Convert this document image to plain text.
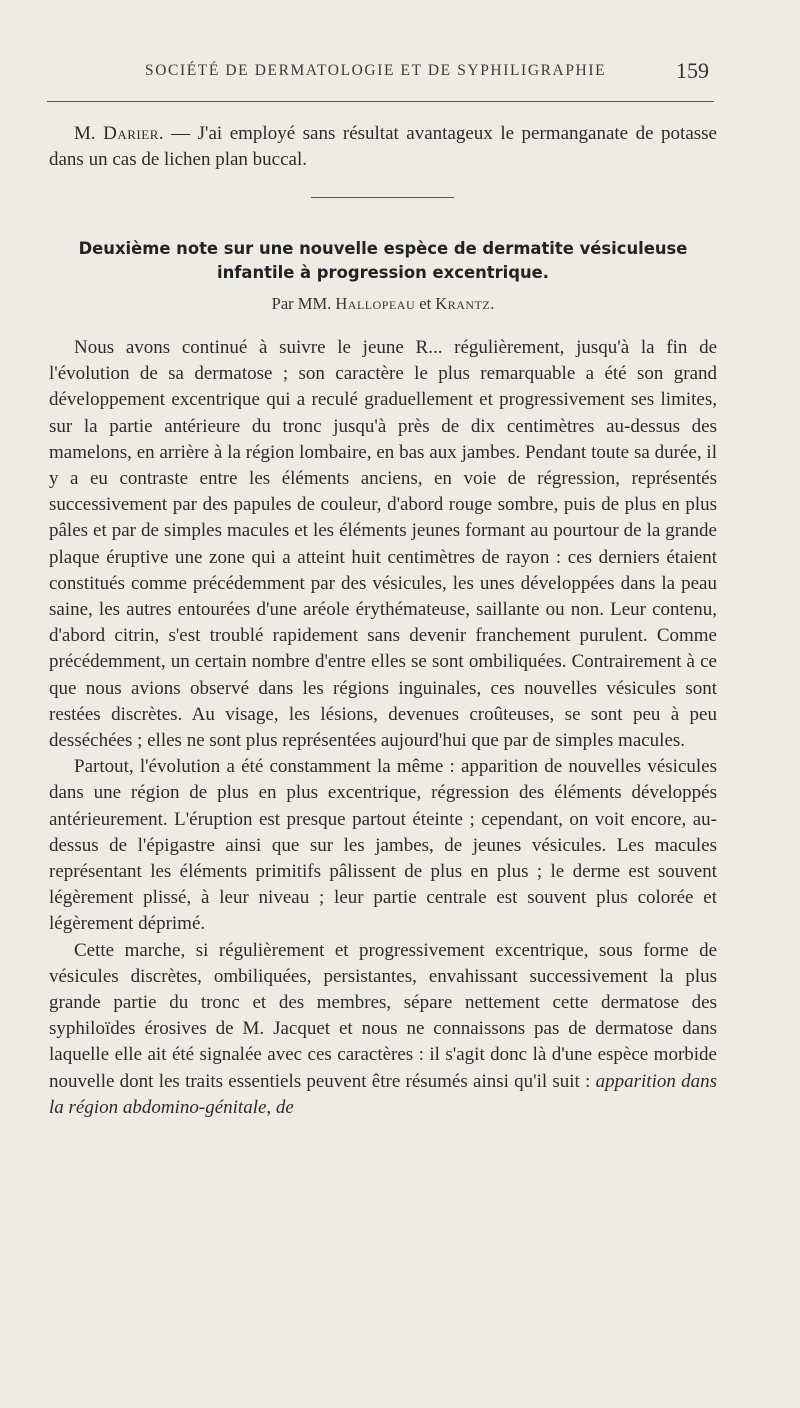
SOCIÉTÉ DE DERMATOLOGIE ET DE SYPHILIGRAPHIE	159

M. Darier. — J'ai employé sans résultat avantageux le permanganate de potasse dans un cas de lichen plan buccal.

Deuxième note sur une nouvelle espèce de dermatite vésiculeuse infantile à progression excentrique.
Par MM. Hallopeau et Krantz.

Nous avons continué à suivre le jeune R... régulièrement, jusqu'à la fin de l'évolution de sa dermatose ; son caractère le plus remarquable a été son grand développement excentrique qui a reculé graduellement et progressivement ses limites, sur la partie antérieure du tronc jusqu'à près de dix centimètres au-dessus des mamelons, en arrière à la région lombaire, en bas aux jambes. Pendant toute sa durée, il y a eu contraste entre les éléments anciens, en voie de régression, représentés successivement par des papules de couleur, d'abord rouge sombre, puis de plus en plus pâles et par de simples macules et les éléments jeunes formant au pourtour de la grande plaque éruptive une zone qui a atteint huit centimètres de rayon : ces derniers étaient constitués comme précédemment par des vésicules, les unes développées dans la peau saine, les autres entourées d'une aréole érythémateuse, saillante ou non. Leur contenu, d'abord citrin, s'est troublé rapidement sans devenir franchement purulent. Comme précédemment, un certain nombre d'entre elles se sont ombiliquées. Contrairement à ce que nous avions observé dans les régions inguinales, ces nouvelles vésicules sont restées discrètes. Au visage, les lésions, devenues croûteuses, se sont peu à peu desséchées ; elles ne sont plus représentées aujourd'hui que par de simples macules.

Partout, l'évolution a été constamment la même : apparition de nouvelles vésicules dans une région de plus en plus excentrique, régression des éléments développés antérieurement. L'éruption est presque partout éteinte ; cependant, on voit encore, au-dessus de l'épigastre ainsi que sur les jambes, de jeunes vésicules. Les macules représentant les éléments primitifs pâlissent de plus en plus ; le derme est souvent légèrement plissé, à leur niveau ; leur partie centrale est souvent plus colorée et légèrement déprimé.

Cette marche, si régulièrement et progressivement excentrique, sous forme de vésicules discrètes, ombiliquées, persistantes, envahissant successivement la plus grande partie du tronc et des membres, sépare nettement cette dermatose des syphiloïdes érosives de M. Jacquet et nous ne connaissons pas de dermatose dans laquelle elle ait été signalée avec ces caractères : il s'agit donc là d'une espèce morbide nouvelle dont les traits essentiels peuvent être résumés ainsi qu'il suit : apparition dans la région abdomino-génitale, de
